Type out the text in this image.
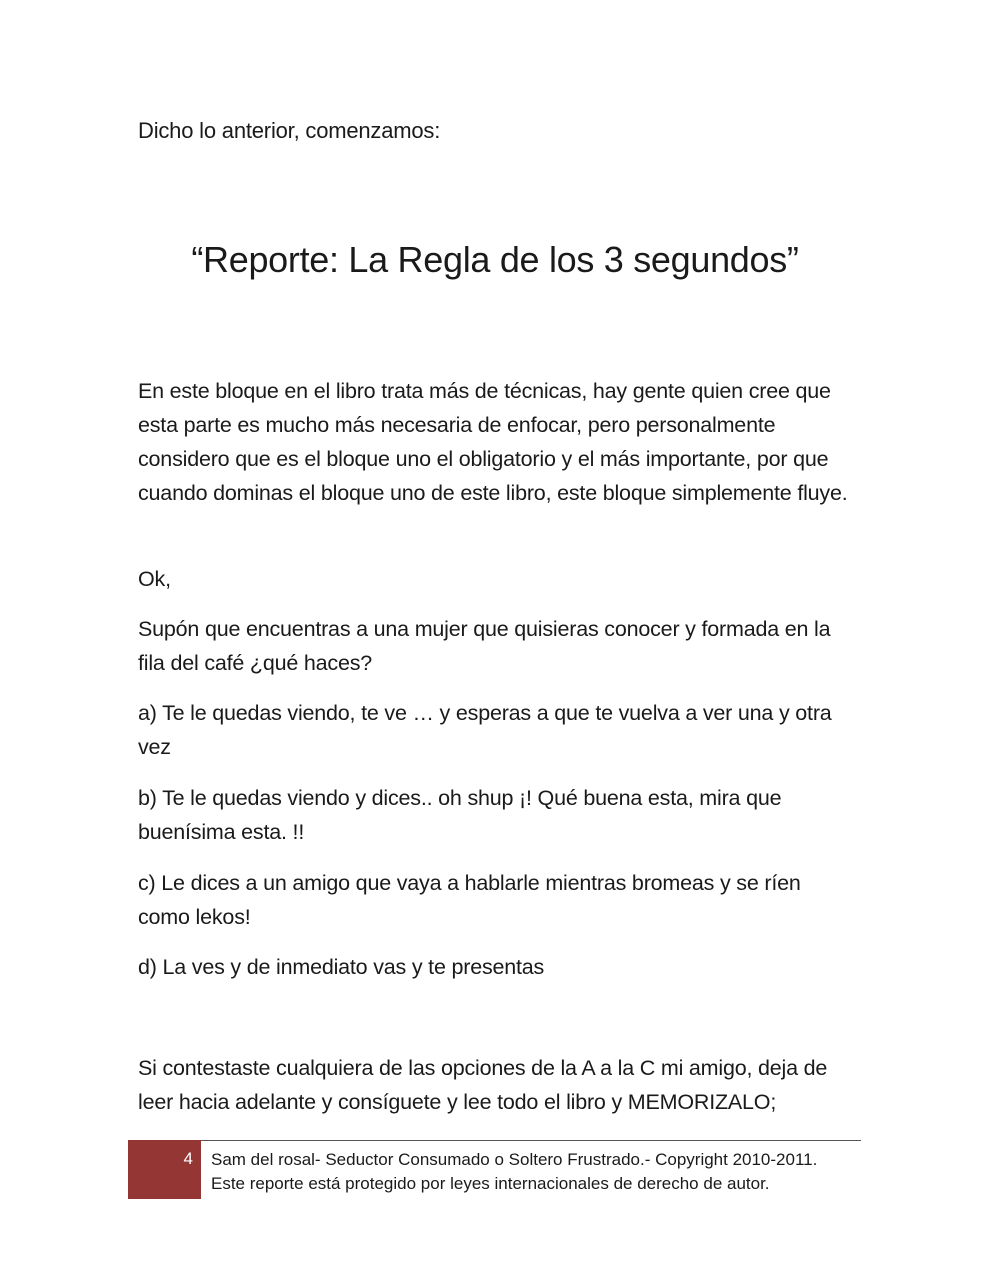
Dicho lo anterior, comenzamos:

“Reporte: La Regla de los 3 segundos”

En este bloque en el libro trata más de técnicas, hay gente quien cree que esta parte es mucho más necesaria de enfocar, pero personalmente considero que es el bloque uno el obligatorio y el más importante, por que cuando dominas el bloque uno de este libro, este bloque simplemente fluye.

Ok,

Supón que encuentras a una mujer que quisieras conocer y formada en la fila del café ¿qué haces?

a) Te le quedas viendo, te ve … y esperas a que te vuelva a ver una y otra vez

b) Te le quedas viendo y dices.. oh shup ¡! Qué buena esta, mira que buenísima esta. !!

c) Le dices a un amigo que vaya a hablarle mientras bromeas y se ríen como lekos!

d) La ves y de inmediato vas y te presentas

Si contestaste cualquiera de las opciones de la A a la C mi amigo, deja de leer hacia adelante y consíguete y lee todo el libro y MEMORIZALO;

4 Sam del rosal- Seductor Consumado o Soltero Frustrado.- Copyright 2010-2011.
Este reporte está protegido por leyes internacionales de derecho de autor.
